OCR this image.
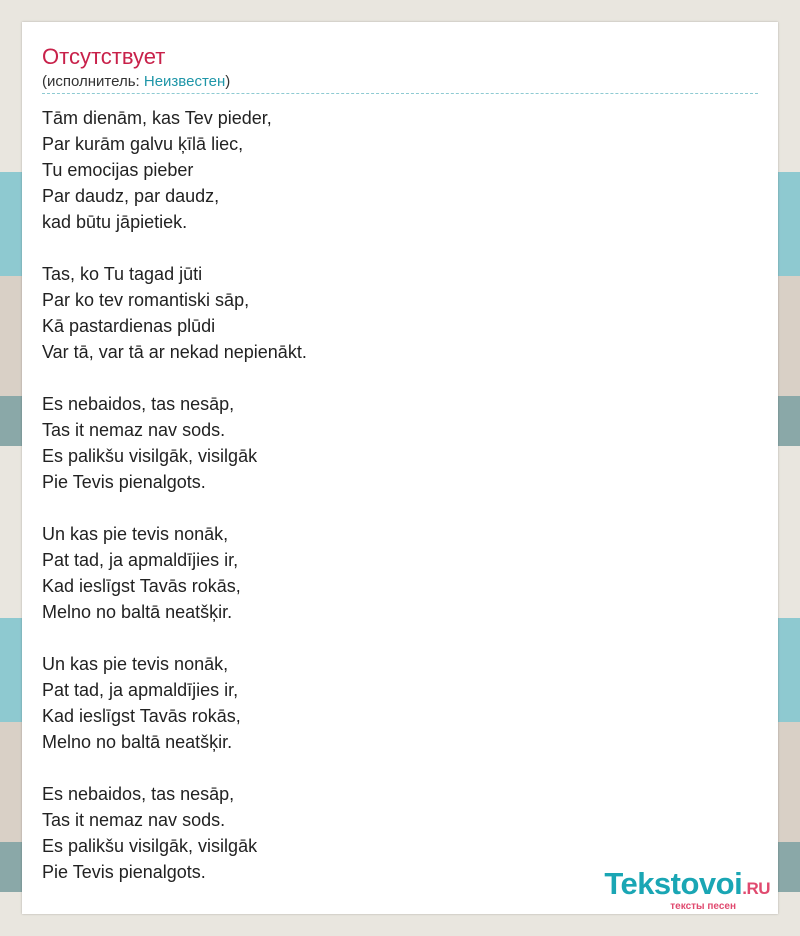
Отсутствует
(исполнитель: Неизвестен)
Tām dienām, kas Tev pieder,
Par kurām galvu ķīlā liec,
Tu emocijas pieber
Par daudz, par daudz,
kad būtu jāpietiek.
Tas, ko Tu tagad jūti
Par ko tev romantiski sāp,
Kā pastardienas plūdi
Var tā, var tā ar nekad nepienākt.
Es nebaidos, tas nesāp,
Tas it nemaz nav sods.
Es palikšu visilgāk, visilgāk
Pie Tevis pienalgots.
Un kas pie tevis nonāk,
Pat tad, ja apmaldījies ir,
Kad ieslīgst Tavās rokās,
Melno no baltā neatšķir.
Un kas pie tevis nonāk,
Pat tad, ja apmaldījies ir,
Kad ieslīgst Tavās rokās,
Melno no baltā neatšķir.
Es nebaidos, tas nesāp,
Tas it nemaz nav sods.
Es palikšu visilgāk, visilgāk
Pie Tevis pienalgots.	Tekstovoi.RU
тексты песен
